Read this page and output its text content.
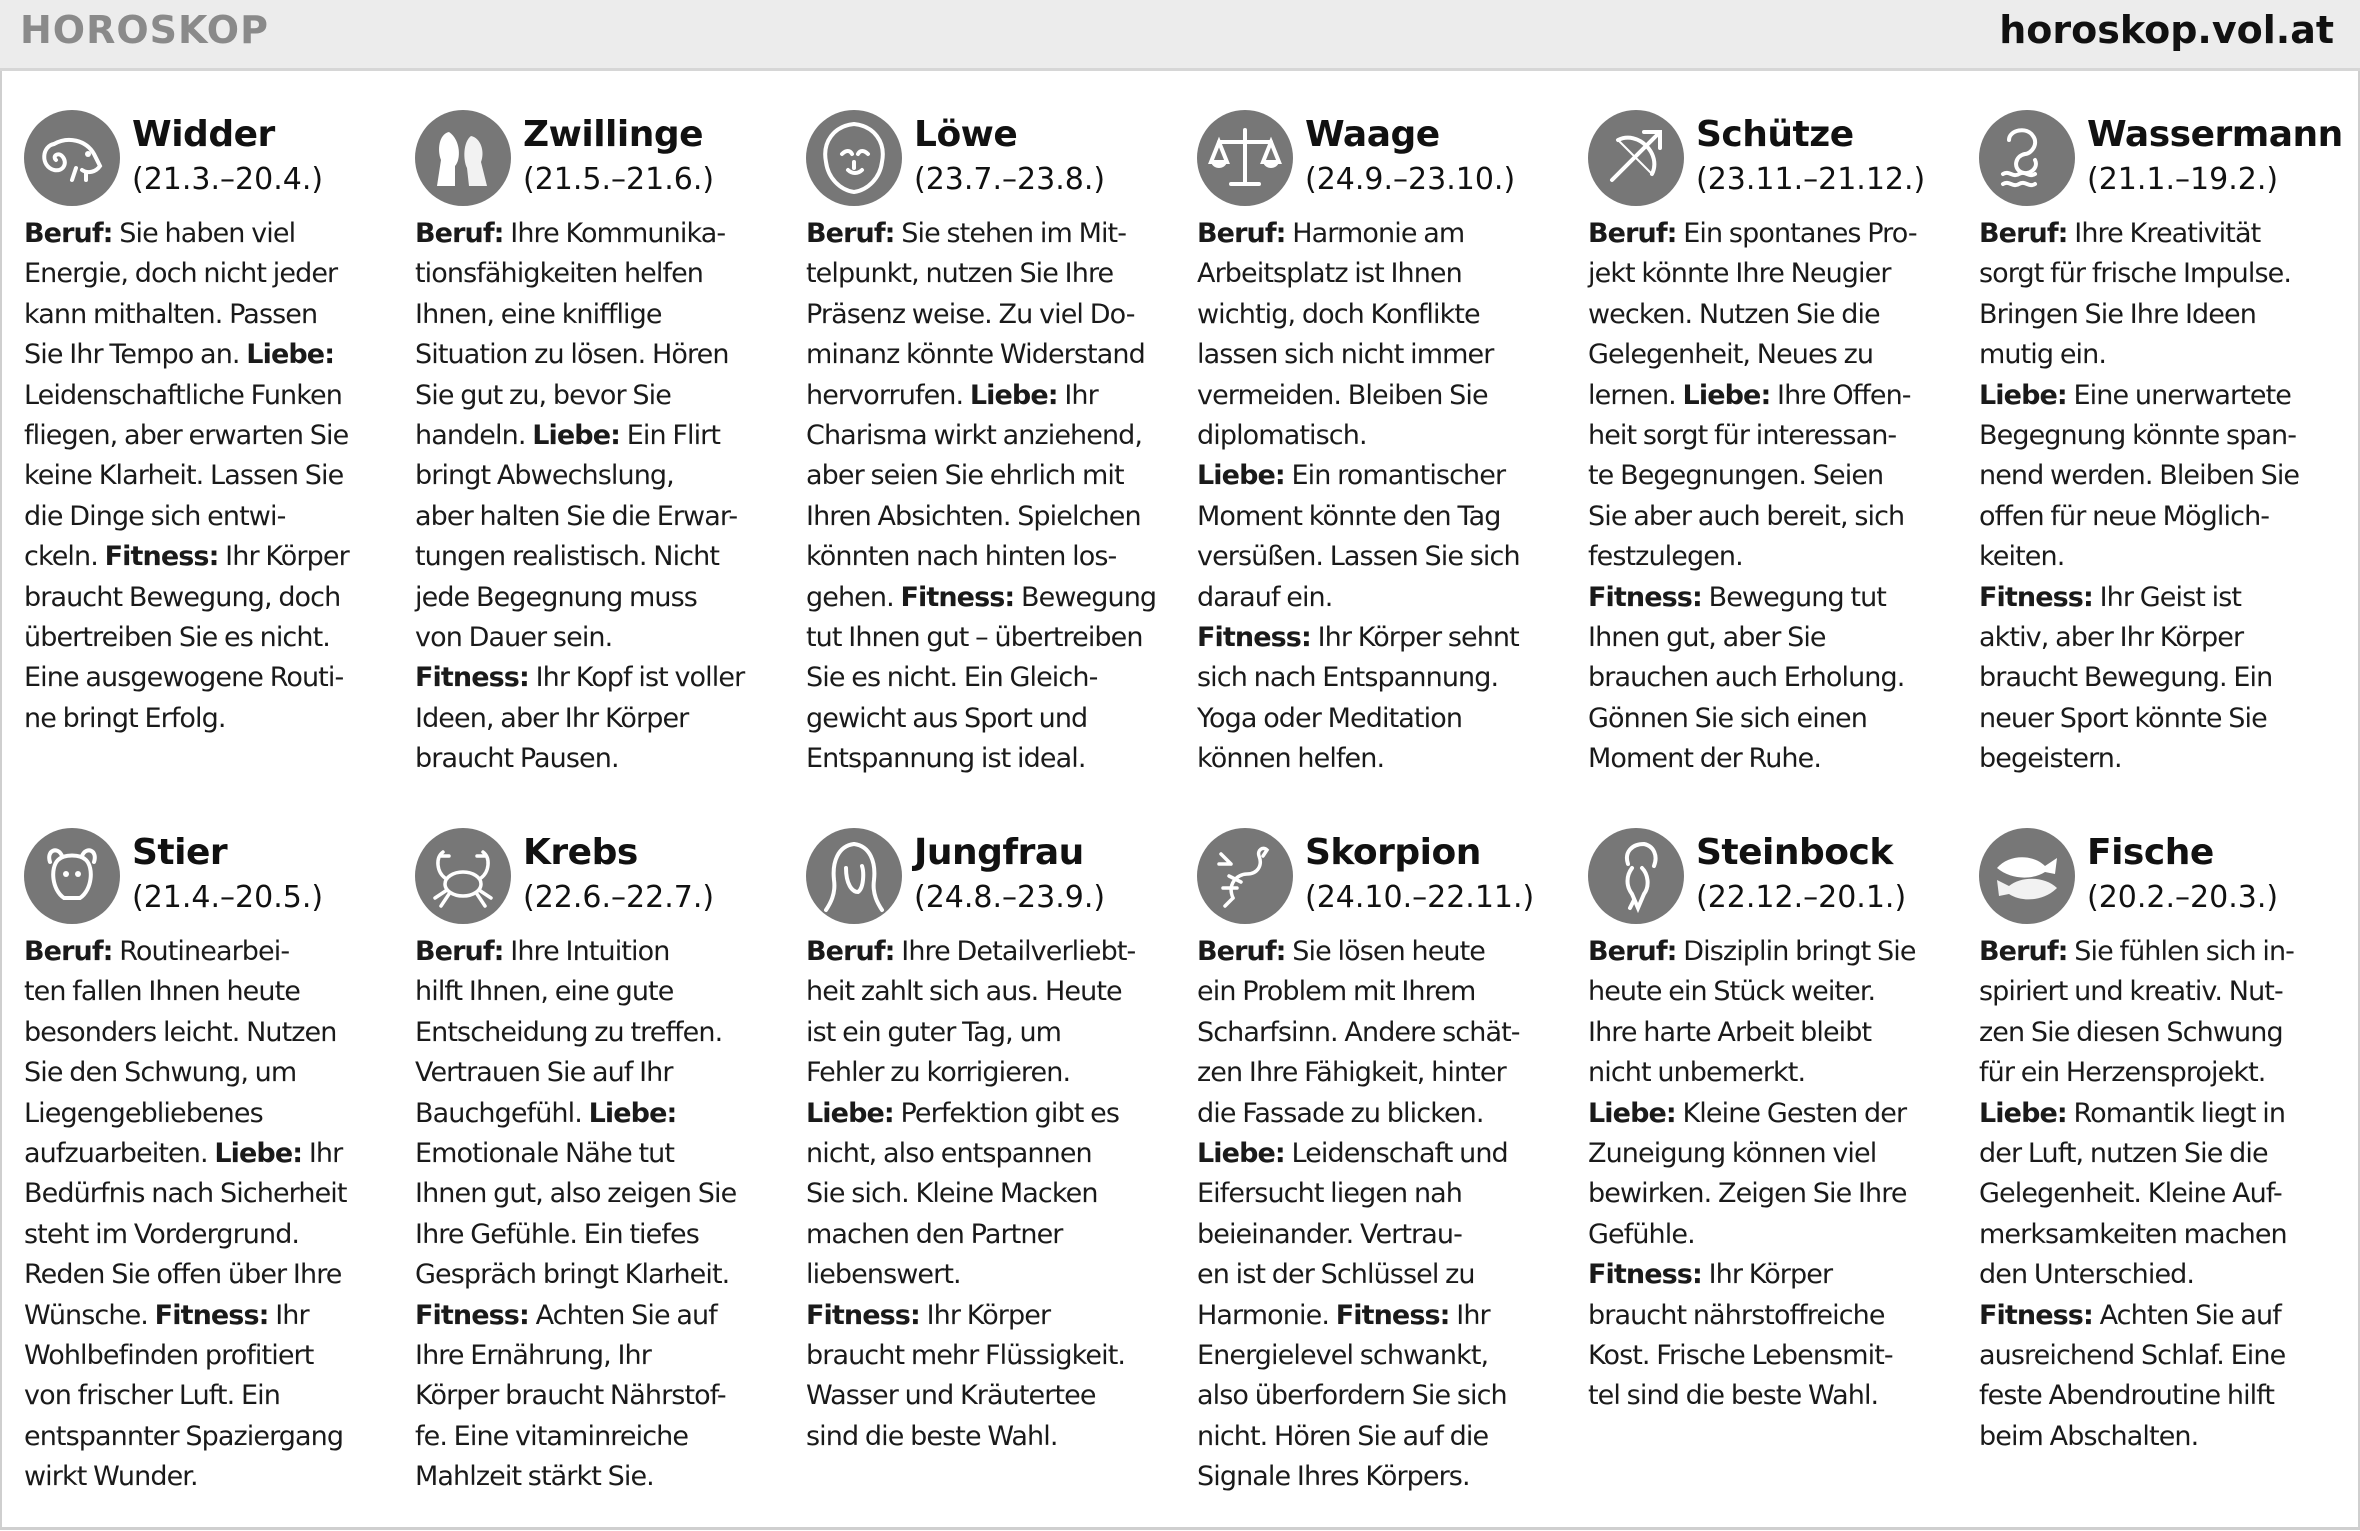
HOROSKOP	horoskop.vol.at
Widder
(21.3.–20.4.)
Beruf: Sie haben viel
Energie, doch nicht jeder
kann mithalten. Passen
Sie Ihr Tempo an. Liebe:
Leidenschaftliche Funken
fliegen, aber erwarten Sie
keine Klarheit. Lassen Sie
die Dinge sich entwi-
ckeln. Fitness: Ihr Körper
braucht Bewegung, doch
übertreiben Sie es nicht.
Eine ausgewogene Routi-
ne bringt Erfolg.
Zwillinge
(21.5.–21.6.)
Beruf: Ihre Kommunika-
tionsfähigkeiten helfen
Ihnen, eine knifflige
Situation zu lösen. Hören
Sie gut zu, bevor Sie
handeln. Liebe: Ein Flirt
bringt Abwechslung,
aber halten Sie die Erwar-
tungen realistisch. Nicht
jede Begegnung muss
von Dauer sein.
Fitness: Ihr Kopf ist voller
Ideen, aber Ihr Körper
braucht Pausen.
Löwe
(23.7.–23.8.)
Beruf: Sie stehen im Mit-
telpunkt, nutzen Sie Ihre
Präsenz weise. Zu viel Do-
minanz könnte Widerstand
hervorrufen. Liebe: Ihr
Charisma wirkt anziehend,
aber seien Sie ehrlich mit
Ihren Absichten. Spielchen
könnten nach hinten los-
gehen. Fitness: Bewegung
tut Ihnen gut – übertreiben
Sie es nicht. Ein Gleich-
gewicht aus Sport und
Entspannung ist ideal.
Waage
(24.9.–23.10.)
Beruf: Harmonie am
Arbeitsplatz ist Ihnen
wichtig, doch Konflikte
lassen sich nicht immer
vermeiden. Bleiben Sie
diplomatisch.
Liebe: Ein romantischer
Moment könnte den Tag
versüßen. Lassen Sie sich
darauf ein.
Fitness: Ihr Körper sehnt
sich nach Entspannung.
Yoga oder Meditation
können helfen.
Schütze
(23.11.–21.12.)
Beruf: Ein spontanes Pro-
jekt könnte Ihre Neugier
wecken. Nutzen Sie die
Gelegenheit, Neues zu
lernen. Liebe: Ihre Offen-
heit sorgt für interessan-
te Begegnungen. Seien
Sie aber auch bereit, sich
festzulegen.
Fitness: Bewegung tut
Ihnen gut, aber Sie
brauchen auch Erholung.
Gönnen Sie sich einen
Moment der Ruhe.
Wassermann
(21.1.–19.2.)
Beruf: Ihre Kreativität
sorgt für frische Impulse.
Bringen Sie Ihre Ideen
mutig ein.
Liebe: Eine unerwartete
Begegnung könnte span-
nend werden. Bleiben Sie
offen für neue Möglich-
keiten.
Fitness: Ihr Geist ist
aktiv, aber Ihr Körper
braucht Bewegung. Ein
neuer Sport könnte Sie
begeistern.
Stier
(21.4.–20.5.)
Beruf: Routinearbei-
ten fallen Ihnen heute
besonders leicht. Nutzen
Sie den Schwung, um
Liegengebliebenes
aufzuarbeiten. Liebe: Ihr
Bedürfnis nach Sicherheit
steht im Vordergrund.
Reden Sie offen über Ihre
Wünsche. Fitness: Ihr
Wohlbefinden profitiert
von frischer Luft. Ein
entspannter Spaziergang
wirkt Wunder.
Krebs
(22.6.–22.7.)
Beruf: Ihre Intuition
hilft Ihnen, eine gute
Entscheidung zu treffen.
Vertrauen Sie auf Ihr
Bauchgefühl. Liebe:
Emotionale Nähe tut
Ihnen gut, also zeigen Sie
Ihre Gefühle. Ein tiefes
Gespräch bringt Klarheit.
Fitness: Achten Sie auf
Ihre Ernährung, Ihr
Körper braucht Nährstof-
fe. Eine vitaminreiche
Mahlzeit stärkt Sie.
Jungfrau
(24.8.–23.9.)
Beruf: Ihre Detailverliebt-
heit zahlt sich aus. Heute
ist ein guter Tag, um
Fehler zu korrigieren.
Liebe: Perfektion gibt es
nicht, also entspannen
Sie sich. Kleine Macken
machen den Partner
liebenswert.
Fitness: Ihr Körper
braucht mehr Flüssigkeit.
Wasser und Kräutertee
sind die beste Wahl.
Skorpion
(24.10.–22.11.)
Beruf: Sie lösen heute
ein Problem mit Ihrem
Scharfsinn. Andere schät-
zen Ihre Fähigkeit, hinter
die Fassade zu blicken.
Liebe: Leidenschaft und
Eifersucht liegen nah
beieinander. Vertrau-
en ist der Schlüssel zu
Harmonie. Fitness: Ihr
Energielevel schwankt,
also überfordern Sie sich
nicht. Hören Sie auf die
Signale Ihres Körpers.
Steinbock
(22.12.–20.1.)
Beruf: Disziplin bringt Sie
heute ein Stück weiter.
Ihre harte Arbeit bleibt
nicht unbemerkt.
Liebe: Kleine Gesten der
Zuneigung können viel
bewirken. Zeigen Sie Ihre
Gefühle.
Fitness: Ihr Körper
braucht nährstoffreiche
Kost. Frische Lebensmit-
tel sind die beste Wahl.
Fische
(20.2.–20.3.)
Beruf: Sie fühlen sich in-
spiriert und kreativ. Nut-
zen Sie diesen Schwung
für ein Herzensprojekt.
Liebe: Romantik liegt in
der Luft, nutzen Sie die
Gelegenheit. Kleine Auf-
merksamkeiten machen
den Unterschied.
Fitness: Achten Sie auf
ausreichend Schlaf. Eine
feste Abendroutine hilft
beim Abschalten.
